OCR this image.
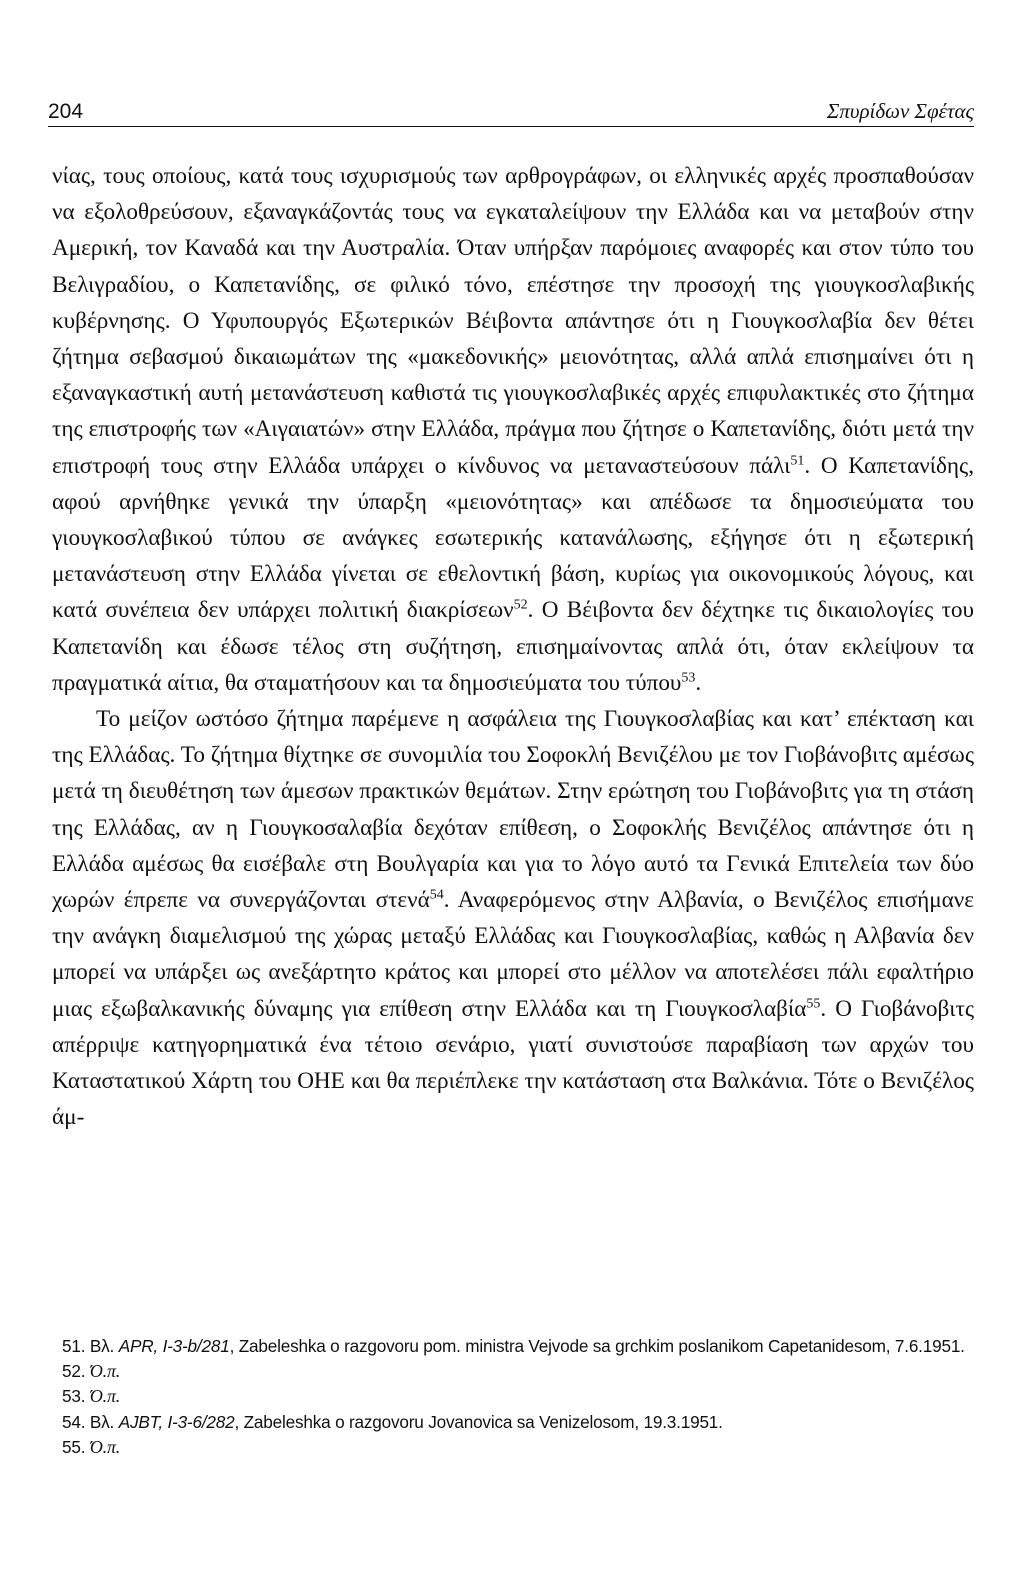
204	Σπυρίδων Σφέτας

νίας, τους οποίους, κατά τους ισχυρισμούς των αρθρογράφων, οι ελληνικές αρχές προσπαθούσαν να εξολοθρεύσουν, εξαναγκάζοντάς τους να εγκαταλείψουν την Ελλάδα και να μεταβούν στην Αμερική, τον Καναδά και την Αυστραλία. Όταν υπήρξαν παρόμοιες αναφορές και στον τύπο του Βελιγραδίου, ο Καπετανίδης, σε φιλικό τόνο, επέστησε την προσοχή της γιουγκοσλαβικής κυβέρνησης. Ο Υφυπουργός Εξωτερικών Βέιβοντα απάντησε ότι η Γιουγκοσλαβία δεν θέτει ζήτημα σεβασμού δικαιωμάτων της «μακεδονικής» μειονότητας, αλλά απλά επισημαίνει ότι η εξαναγκαστική αυτή μετανάστευση καθιστά τις γιουγκοσλαβικές αρχές επιφυλακτικές στο ζήτημα της επιστροφής των «Αιγαιατών» στην Ελλάδα, πράγμα που ζήτησε ο Καπετανίδης, διότι μετά την επιστροφή τους στην Ελλάδα υπάρχει ο κίνδυνος να μεταναστεύσουν πάλι$^{51}$. Ο Καπετανίδης, αφού αρνήθηκε γενικά την ύπαρξη «μειονότητας» και απέδωσε τα δημοσιεύματα του γιουγκοσλαβικού τύπου σε ανάγκες εσωτερικής κατανάλωσης, εξήγησε ότι η εξωτερική μετανάστευση στην Ελλάδα γίνεται σε εθελοντική βάση, κυρίως για οικονομικούς λόγους, και κατά συνέπεια δεν υπάρχει πολιτική διακρίσεων$^{52}$. Ο Βέιβοντα δεν δέχτηκε τις δικαιολογίες του Καπετανίδη και έδωσε τέλος στη συζήτηση, επισημαίνοντας απλά ότι, όταν εκλείψουν τα πραγματικά αίτια, θα σταματήσουν και τα δημοσιεύματα του τύπου$^{53}$.

Το μείζον ωστόσο ζήτημα παρέμενε η ασφάλεια της Γιουγκοσλαβίας και κατ’ επέκταση και της Ελλάδας. Το ζήτημα θίχτηκε σε συνομιλία του Σοφοκλή Βενιζέλου με τον Γιοβάνοβιτς αμέσως μετά τη διευθέτηση των άμεσων πρακτικών θεμάτων. Στην ερώτηση του Γιοβάνοβιτς για τη στάση της Ελλάδας, αν η Γιουγκοσαλαβία δεχόταν επίθεση, ο Σοφοκλής Βενιζέλος απάντησε ότι η Ελλάδα αμέσως θα εισέβαλε στη Βουλγαρία και για το λόγο αυτό τα Γενικά Επιτελεία των δύο χωρών έπρεπε να συνεργάζονται στενά$^{54}$. Αναφερόμενος στην Αλβανία, ο Βενιζέλος επισήμανε την ανάγκη διαμελισμού της χώρας μεταξύ Ελλάδας και Γιουγκοσλαβίας, καθώς η Αλβανία δεν μπορεί να υπάρξει ως ανεξάρτητο κράτος και μπορεί στο μέλλον να αποτελέσει πάλι εφαλτήριο μιας εξωβαλκανικής δύναμης για επίθεση στην Ελλάδα και τη Γιουγκοσλαβία$^{55}$. Ο Γιοβάνοβιτς απέρριψε κατηγορηματικά ένα τέτοιο σενάριο, γιατί συνιστούσε παραβίαση των αρχών του Καταστατικού Χάρτη του ΟΗΕ και θα περιέπλεκε την κατάσταση στα Βαλκάνια. Τότε ο Βενιζέλος άμ-

51. Βλ. APR, I-3-b/281, Zabeleshka o razgovoru pom. ministra Vejvode sa grchkim poslanikom Capetanidesom, 7.6.1951.

52. Ό.π.

53. Ό.π.

54. Βλ. AJBT, I-3-6/282, Zabeleshka o razgovoru Jovanovica sa Venizelosom, 19.3.1951.

55. Ό.π.
